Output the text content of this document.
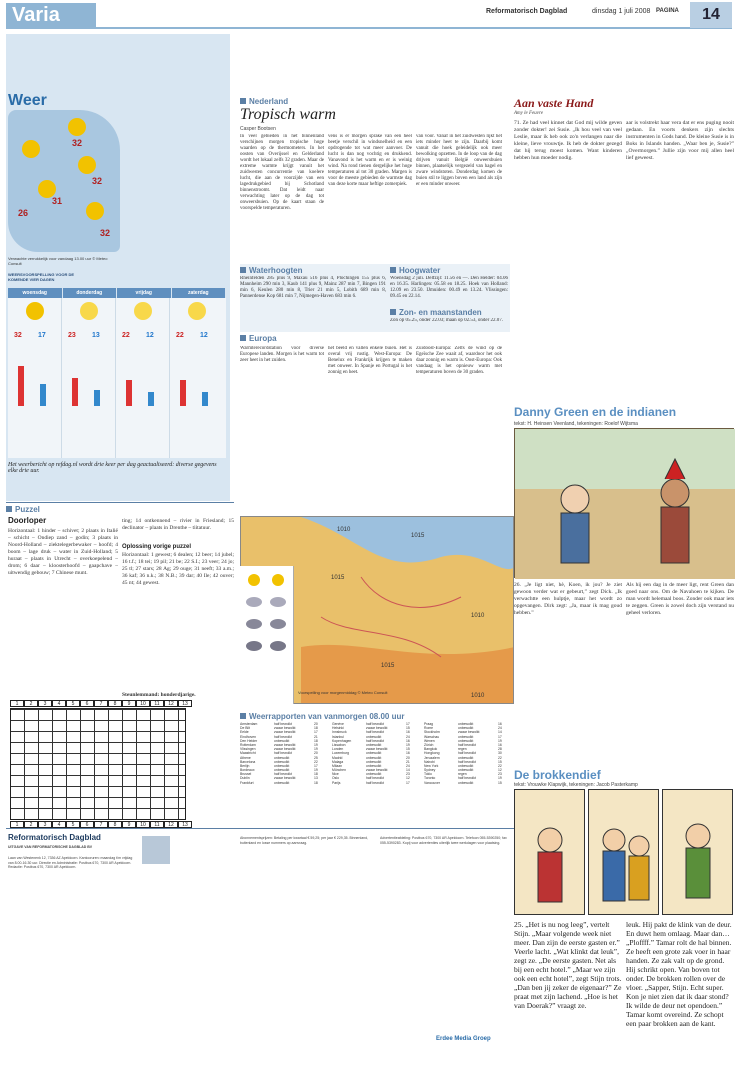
Varia	Reformatorisch Dagblad	dinsdag 1 juli 2008 PAGINA	14
Weer
32
26
32
31
32
Verwachte verrukkelijk voor vandaag 13.00 uur © Meteo Consult
WEERSVOORSPELLING VOOR DE KOMENDE VIER DAGEN
woensdag	donderdag	vrijdag	zaterdag
32 17	23 13	22 12	22 12
Het weerbericht op refdag.nl wordt drie keer per dag geactualiseerd: diverse gegevens elke drie uur.
Nederland
Tropisch warm
Casper Bootsen
In veel gebieden in het binnenland verschijnen morgen tropische hoge waarden op de thermometers. In het oosten van Overijssel en Gelderland wordt het lokaal zelfs 32 graden. Maar de extreme warmte krijgt vanuit het zuidwesten concurrentie van koelere lucht, die aan de voorzijde van een lagedrukgebied bij Schotland binnenstroomt. Dat leidt naar verwachting later op de dag tot onweersbuien. Op de kaart staan de voorspelde temperaturen.
vens is er morgen sprake van een heel beetje verschil in windsnelheid en een opdrogende tot wat meer aanvoer. De lucht is dan nog vochtig en drukkend. Vanavond is het warm en er is weinig wind. Na rond tienen dergelijke het hoge temperaturen al tot 30 graden. Margen is voor de meeste gebieden de warmste dag van deze korte maar heftige zomerpiek.
van voor. Vanaf in het zuidwesten lijkt het iets minder heet te zijn. Daarbij komt vanuit die hoek geleidelijk ook meer bewolking opzetten. In de loop van de dag drijven vanuit België onweersbuien binnen, plaatselijk vergezeld van hagel en zware windstoten. Donderdag komen de buien stil te liggen boven een land als zijn er een minder onweer.
Waterhoogten
Rheinfelden 285 plus 9, Maxau 516 plus 4, Plochingen 155 plus 6, Mannheim 290 min 3, Kaub 141 plus 9, Mainz 287 min 7, Bingen 191 min 6, Keulen 280 min 8, Trier 21 min 5, Lobith 689 min 8, Pannerdense Kop 681 min 7, Nijmegen-Haven 683 min 6.
Hoogwater
Woensdag 2 juli. Delfzijl: 11.56 en —. Den Helder: 04.06 en 16.35. Harlingen: 05.58 en 18.25. Hoek van Holland: 12.09 en 23.50. IJmuiden: 00.49 en 13.24. Vlissingen: 09.45 en 22.14.
Zon- en maanstanden
Zon op 05.25, onder 22.03; maan op 02.53, onder 22.07.
Europa
Warmterecordstation voor diverse Europese landen. Morgen is het warm tot zeer heet in het zuiden.
het beeld en vallen enkele buien. Het is overal vrij rustig. West-Europa: De Benelux en Frankrijk krijgen te maken met onweer. In Spanje en Portugal is het zonnig en heet.
Zuidoost-Europa: Zelfs de wind op de Egeïsche Zee waait af, waardoor het ook daar zonnig en warm is. Oost-Europa: Ook vandaag is het opnieuw warm met temperaturen boven de 30 graden.
Aan vaste Hand
Amy le Feuvre
71. Ze had veel kinnet dat God mij wilde geven zonder dokter! zei Susie. „Ik hou veel van veel Leslie, maar ik heb ook zo'n verlangen naar die kleine, lieve vrouwtje. Ik heb de dokter gezegd dat hij terug moest komen. Want kinderen hebben hun moeder nodig.
aar is volstrekt haar vera dat er ens puging nooit gedaan. En voorts denkers zijn slechts instrumenten in Gods hand. De kleine Susie is in Boks in Islands handen. „Waar ben je, Susie?” „Overmorgen.” Jullie zijn voor mij allen heel lief geweest.
Danny Green en de indianen
tekst: H. Heinsen Veenland, tekeningen: Roelof Wijtsma
26. „Je ligt niet, hè, Koen, ik jou? Je ziet gewoon verder wat er gebeurt,” zegt Dick. „Ik verwachtte een hulptje, maar het wordt zo opgevangen. Dirk zegt: „Ja, maar ik mag goud hebben.”
Als hij een dag in de meer ligt, rent Green dan goed naar ons. Om de Navahoen te kijken. De man wordt helemaal boos. Zonder ook maar iets te zeggen. Green is zowel doch zijn verstand nu geheel verloren.
De brokkendief
tekst: Vrouwke Klapwijk, tekeningen: Jacob Pasterkamp
25. „Het is nu nog leeg”, vertelt Stijn. „Maar volgende week niet meer. Dan zijn de eerste gasten er.” Veerle lacht. „Wat klinkt dat leuk”, zegt ze. „De eerste gasten. Net als bij een echt hotel.” „Maar we zijn ook een echt hotel”, zegt Stijn trots. „Dan ben jij zeker de eigenaar?” Ze praat met zijn lachend. „Hoe is het van Doerak?” vraagt ze.
leuk. Hij pakt de klink van de deur. En duwt hem omlaag. Maar dan… „Ploffff.” Tamar rolt de hal binnen. Ze heeft een grote zak voer in haar handen. Ze zak valt op de grond. Hij schrikt open. Van boven tot onder. De brokken rollen over de vloer. „Sapper, Stijn. Echt super. Kon je niet zien dat ik daar stond? Ik wilde de deur net opendoen.” Tamar komt overeind. Ze schopt een paar brokken aan de kant.
Puzzel
Doorloper
Horizontaal: 1 hinder – schivet; 2 plaats in Italië – schicht – Ondiep zand – godin; 3 plaats in Noord-Holland – ziektelegerbewaker – hoofd; 4 boom – lage druk – water in Zuid-Holland; 5 huraat – plaats in Utrecht – overkoepelend – drom; 6 daar – kloosterhoofd – gaapchave – uitwendig gebouw; 7 Chinese munt.
ting; 14 ontkennend – rivier in Friesland; 15 declinator – plaats in Drenthe – tiitatuur.
Oplossing vorige puzzel
Horizontaal: 1 gewest; 6 dealen; 12 beer; 14 jubel; 16 t.f.; 18 tei; 19 pil; 21 be; 22 S.I.; 23 veer; 24 jo; 25 tl; 27 stars; 28 Ag; 29 ouge; 31 neeft; 33 a.m.; 36 kaf; 36 n.k.; 38 N.B.; 39 dar; 40 Ile; 42 ouver; 45 nt; 44 gewest.
Steunlemmand: honderdjarige.
1	2	3	4	5	6	7	8	9	10	11	12	13
1	2	3	4	5	6	7	8	9	10	11	12	13
1010
1015
1015
1010
1015
1010
Voorspelling voor morgenmiddag © Meteo Consult
Weerrapporten van vanmorgen 08.00 uur
Amsterdam	half bewolkt	20
De Bilt	zwaar bewolkt	18
Eelde	zwaar bewolkt	17
Eindhoven	half bewolkt	21
Den Helder	onbewolkt	18
Rotterdam	zwaar bewolkt	19
Vlissingen	zwaar bewolkt	19
Maastricht	half bewolkt	20
Athene	onbewolkt	25
Barcelona	onbewolkt	22
Berlijn	onbewolkt	17
Bordeaux	onbewolkt	19
Brussel	half bewolkt	18
Dublin	zwaar bewolkt	13
Frankfurt	onbewolkt	18
Genève	half bewolkt	17
Helsinki	zwaar bewolkt	15
Innsbruck	half bewolkt	16
Istanbul	onbewolkt	24
Kopenhagen	half bewolkt	16
Lissabon	onbewolkt	19
Londen	zwaar bewolkt	15
Luxemburg	onbewolkt	16
Madrid	onbewolkt	20
Malaga	onbewolkt	21
Milaan	onbewolkt	24
München	zwaar bewolkt	14
Nice	onbewolkt	23
Oslo	half bewolkt	12
Parijs	half bewolkt	17
Praag	onbewolkt	16
Rome	onbewolkt	24
Stockholm	zwaar bewolkt	14
Warschau	onbewolkt	17
Wenen	onbewolkt	19
Zürich	half bewolkt	16
Bangkok	regen	28
Hongkong	half bewolkt	30
Jeruzalem	onbewolkt	22
Nairobi	half bewolkt	15
New York	onbewolkt	22
Sydney	onbewolkt	12
Tokio	regen	23
Toronto	half bewolkt	19
Vancouver	onbewolkt	15
Reformatorisch Dagblad
UITGAVE VAN REFORMATORISCHE DAGBLAD BV
Laan van Westenenk 12, 7336 AZ Apeldoorn. Kantooruren: maandag t/m vrijdag van 8.00-16.30 uur. Directie en Administratie: Postbus 670, 7300 AR Apeldoorn. Redactie: Postbus 670, 7300 AR Apeldoorn.
Abonnementsprijzen: Betaling per kwartaal € 59,25; per jaar € 229,35. Binnenland, buitenland en losse nummers op aanvraag.
Advertentieafdeling: Postbus 670, 7300 AR Apeldoorn. Telefoon 055-5390250; fax 055-5390283. Kopij voor advertenties uiterlijk twee werkdagen voor plaatsing.
Erdee Media Groep
